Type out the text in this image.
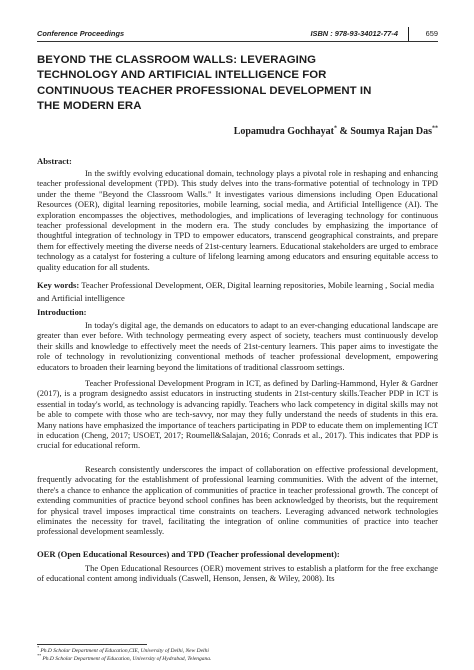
Conference Proceedings	ISBN : 978-93-34012-77-4	659
BEYOND THE CLASSROOM WALLS: LEVERAGING
TECHNOLOGY AND ARTIFICIAL INTELLIGENCE FOR
CONTINUOUS TEACHER PROFESSIONAL DEVELOPMENT IN
THE MODERN ERA
Lopamudra Gochhayat* & Soumya Rajan Das**
Abstract:

In the swiftly evolving educational domain, technology plays a pivotal role in reshaping and enhancing teacher professional development (TPD). This study delves into the trans-formative potential of technology in TPD under the theme "Beyond the Classroom Walls." It investigates various dimensions including Open Educational Resources (OER), digital learning repositories, mobile learning, social media, and Artificial Intelligence (AI). The exploration encompasses the objectives, methodologies, and implications of leveraging technology for continuous teacher professional development in the modern era. The study concludes by emphasizing the importance of thoughtful integration of technology in TPD to empower educators, transcend geographical constraints, and prepare them for effectively meeting the diverse needs of 21st-century learners. Educational stakeholders are urged to embrace technology as a catalyst for fostering a culture of lifelong learning among educators and ensuring equitable access to quality education for all students.

Key words: Teacher Professional Development, OER, Digital learning repositories, Mobile learning , Social media and Artificial intelligence

Introduction:

In today's digital age, the demands on educators to adapt to an ever-changing educational landscape are greater than ever before. With technology permeating every aspect of society, teachers must continuously develop their skills and knowledge to effectively meet the needs of 21st-century learners. This paper aims to investigate the role of technology in revolutionizing conventional methods of teacher professional development, empowering educators to broaden their learning beyond the limitations of traditional classroom settings.

Teacher Professional Development Program in ICT, as defined by Darling-Hammond, Hyler & Gardner (2017), is a program designedto assist educators in instructing students in 21st-century skills.Teacher PDP in ICT is essential in today's world, as technology is advancing rapidly. Teachers who lack competency in digital skills may not be able to compete with those who are tech-savvy, nor may they fully understand the needs of students in this era. Many nations have emphasized the importance of teachers participating in PDP to educate them on implementing ICT in education (Cheng, 2017; USOET, 2017; Roumell&Salajan, 2016; Conrads et al., 2017). This indicates that PDP is crucial for educational reform.

Research consistently underscores the impact of collaboration on effective professional development, frequently advocating for the establishment of professional learning communities. With the advent of the internet, there's a chance to enhance the application of communities of practice in teacher professional growth. The concept of extending communities of practice beyond school confines has been acknowledged by theorists, but the requirement for physical travel imposes impractical time constraints on teachers. Leveraging advanced network technologies eliminates the necessity for travel, facilitating the integration of online communities of practice into teacher professional development seamlessly.

OER (Open Educational Resources) and TPD (Teacher professional development):

The Open Educational Resources (OER) movement strives to establish a platform for the free exchange of educational content among individuals (Caswell, Henson, Jensen, & Wiley, 2008). Its

* Ph.D Scholar Department of Education,CIE, University of Delhi, New Delhi
** Ph.D Scholar Department of Education, University of Hydrabad, Telengana.
